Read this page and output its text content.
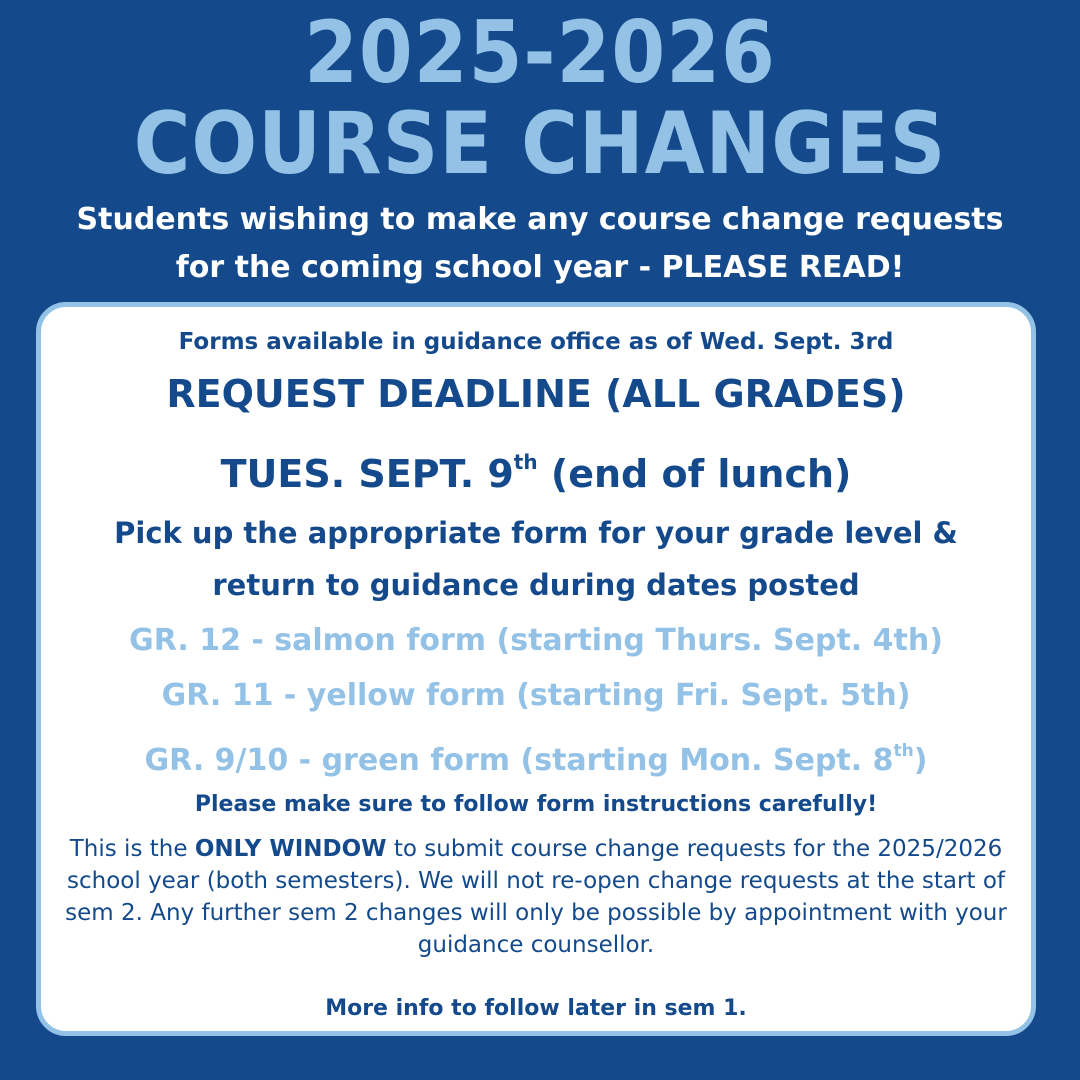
2025-2026
COURSE CHANGES
Students wishing to make any course change requests
for the coming school year - PLEASE READ!

Forms available in guidance office as of Wed. Sept. 3rd

REQUEST DEADLINE (ALL GRADES)

TUES. SEPT. 9th (end of lunch)

Pick up the appropriate form for your grade level &
return to guidance during dates posted

GR. 12 - salmon form (starting Thurs. Sept. 4th)

GR. 11 - yellow form (starting Fri. Sept. 5th)

GR. 9/10 - green form (starting Mon. Sept. 8th)

Please make sure to follow form instructions carefully!

This is the ONLY WINDOW to submit course change requests for the 2025/2026 school year (both semesters). We will not re-open change requests at the start of sem 2. Any further sem 2 changes will only be possible by appointment with your guidance counsellor.

More info to follow later in sem 1.
